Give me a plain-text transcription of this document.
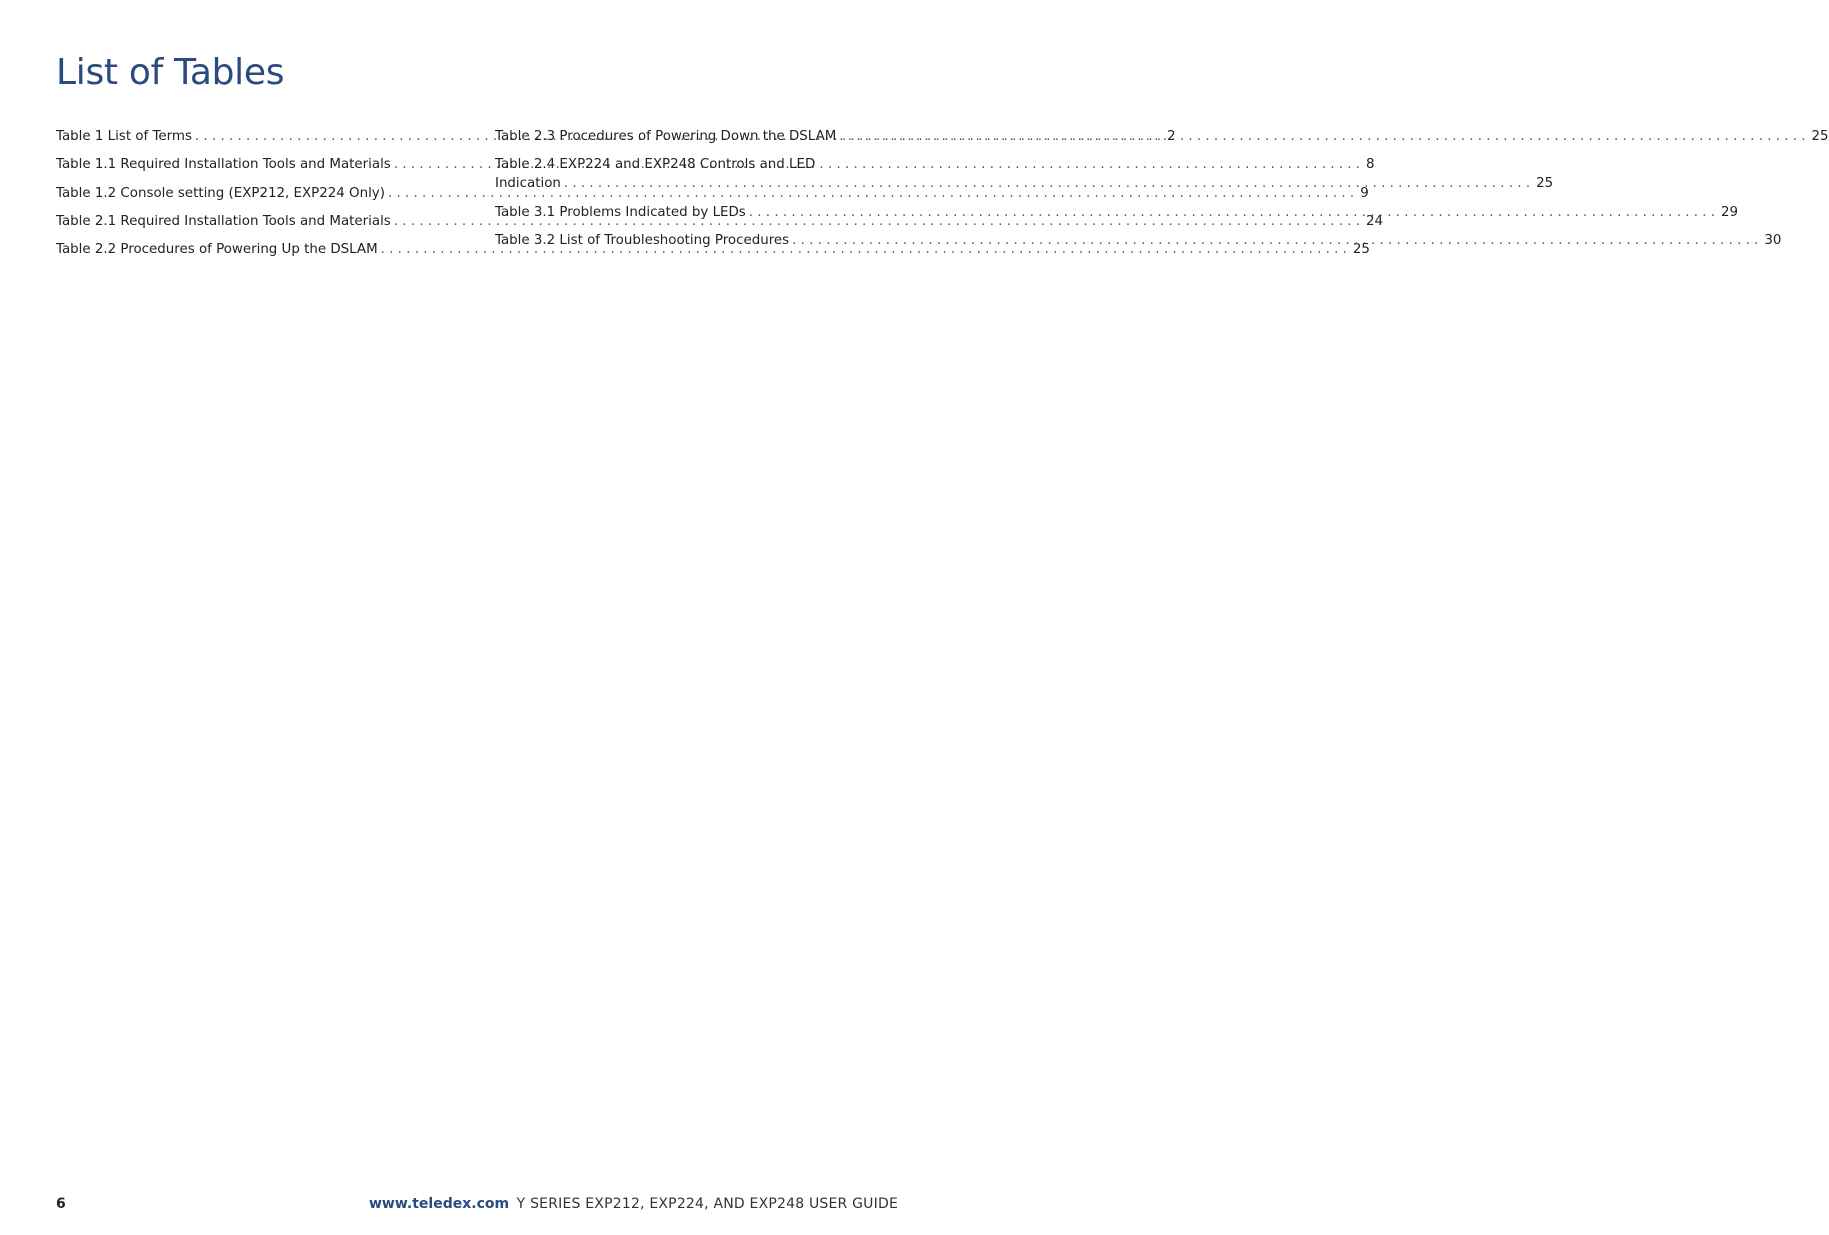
List of Tables
Table 1 List of Terms . . .	2
Table 1.1 Required Installation Tools and Materials . . .	8
Table 1.2 Console setting (EXP212, EXP224 Only) . . .	9
Table 2.1 Required Installation Tools and Materials . . .	24
Table 2.2 Procedures of Powering Up the DSLAM . . .	25
Table 2.3 Procedures of Powering Down the DSLAM . . .	25
Table 2.4 EXP224 and EXP248 Controls and LED
Indication . . .	25
Table 3.1 Problems Indicated by LEDs . . .	29
Table 3.2 List of Troubleshooting Procedures . . .	30
6	www.teledex.com Y SERIES EXP212, EXP224, AND EXP248 USER GUIDE
